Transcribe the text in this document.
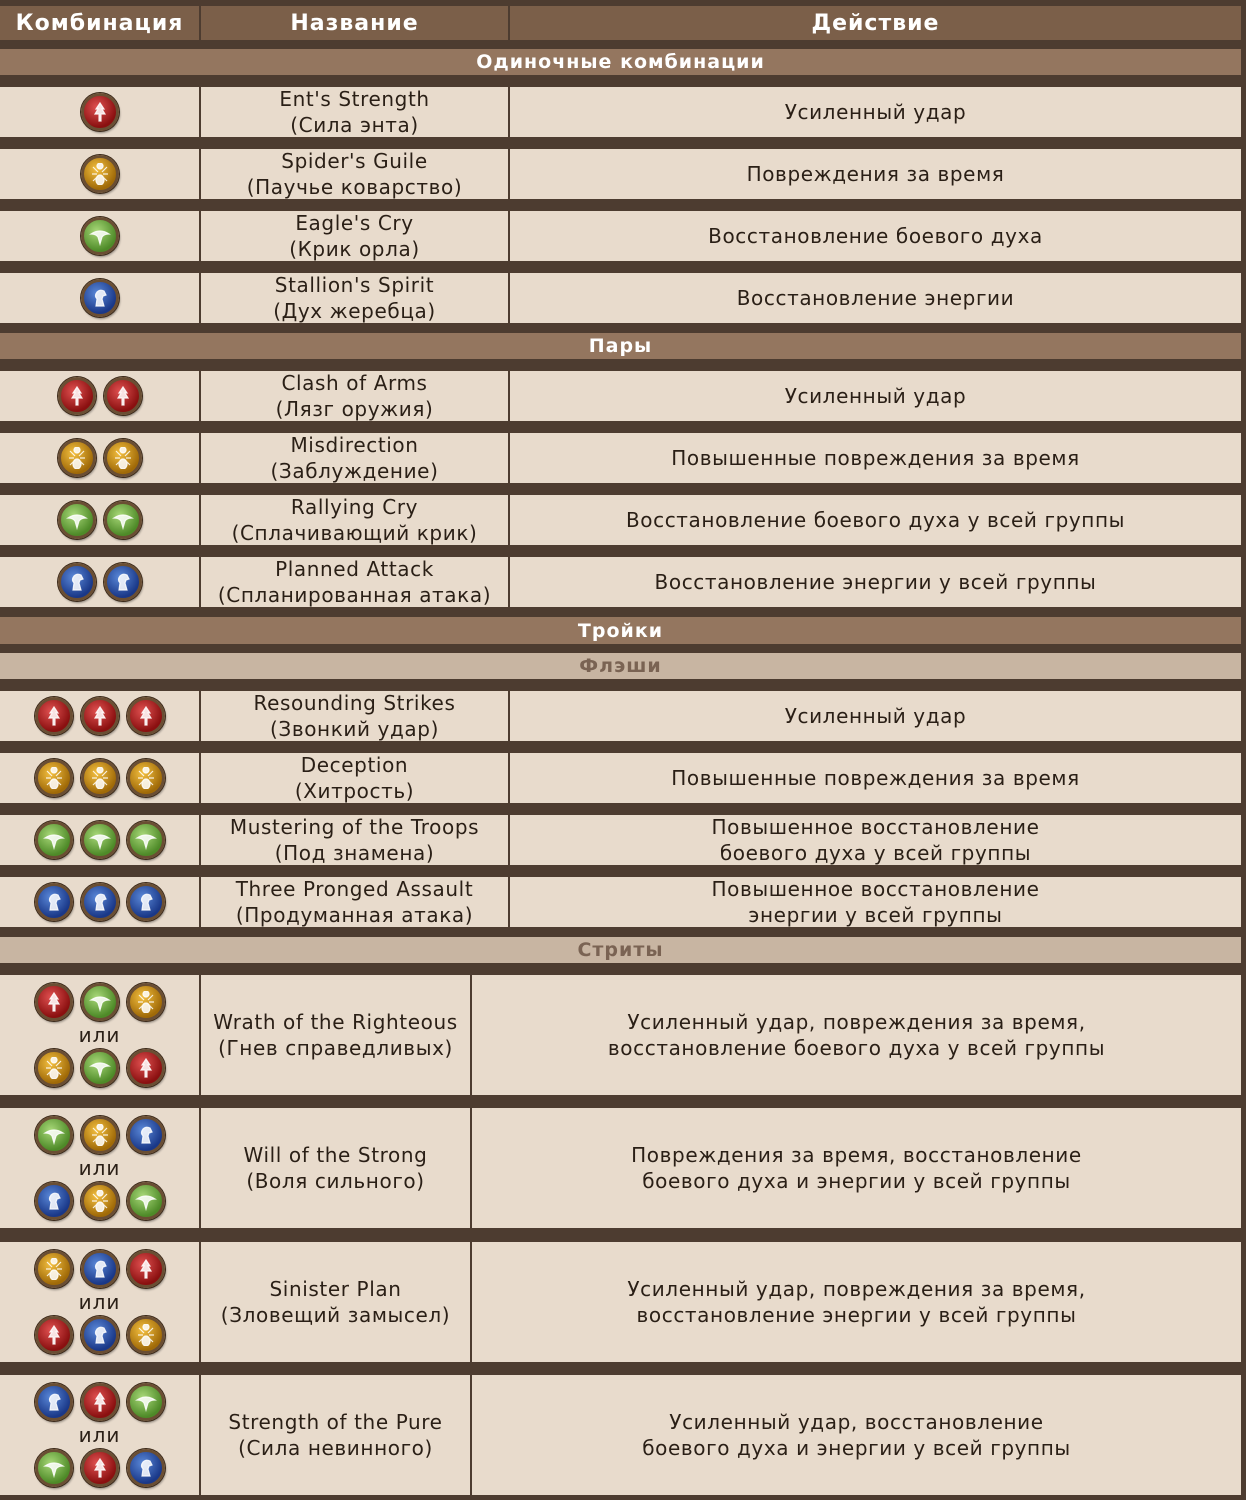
Комбинация	Название	Действие
Одиночные комбинации
Пары
Тройки
Флэши
Стриты
Ent's Strength
(Сила энта)
Усиленный удар
Spider's Guile
(Паучье коварство)
Повреждения за время
Eagle's Cry
(Крик орла)
Восстановление боевого духа
Stallion's Spirit
(Дух жеребца)
Восстановление энергии
Clash of Arms
(Лязг оружия)
Усиленный удар
Misdirection
(Заблуждение)
Повышенные повреждения за время
Rallying Cry
(Сплачивающий крик)
Восстановление боевого духа у всей группы
Planned Attack
(Спланированная атака)
Восстановление энергии у всей группы
Resounding Strikes
(Звонкий удар)
Усиленный удар
Deception
(Хитрость)
Повышенные повреждения за время
Mustering of the Troops
(Под знамена)
Повышенное восстановление
боевого духа у всей группы
Three Pronged Assault
(Продуманная атака)
Повышенное восстановление
энергии у всей группы
или
Wrath of the Righteous
(Гнев справедливых)
Усиленный удар, повреждения за время,
восстановление боевого духа у всей группы
или
Will of the Strong
(Воля сильного)
Повреждения за время, восстановление
боевого духа и энергии у всей группы
или
Sinister Plan
(Зловещий замысел)
Усиленный удар, повреждения за время,
восстановление энергии у всей группы
или
Strength of the Pure
(Сила невинного)
Усиленный удар, восстановление
боевого духа и энергии у всей группы
